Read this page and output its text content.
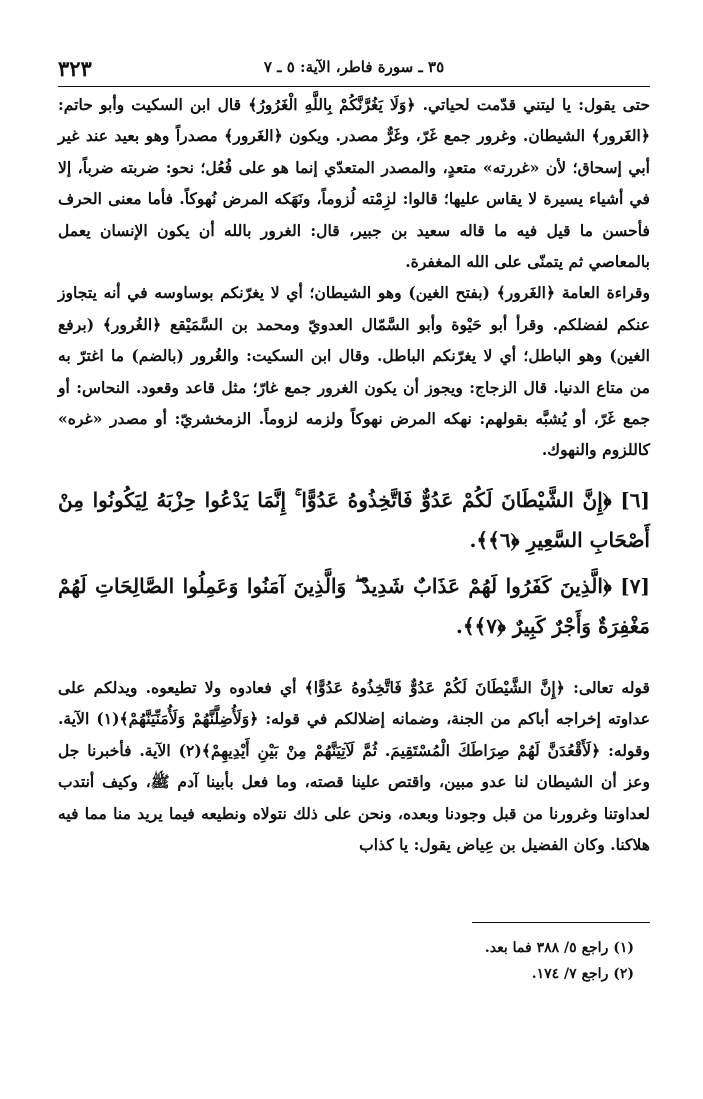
٣٥ ـ سورة فاطر، الآية: ٥ ـ ٧
٣٢٣

حتى يقول: يا ليتني قدّمت لحياتي. ﴿وَلَا يَغُرَّنَّكُمْ بِاللَّهِ الْغَرُورُ﴾ قال ابن السكيت وأبو حاتم: ﴿الغَرور﴾ الشيطان. وغرور جمع غَرّ، وغَرٌّ مصدر. ويكون ﴿الغَرور﴾ مصدراً وهو بعيد عند غير أبي إسحاق؛ لأن «غررته» متعدٍ، والمصدر المتعدّي إنما هو على فُعُل؛ نحو: ضربته ضرباً، إلا في أشياء يسيرة لا يقاس عليها؛ قالوا: لزِمْته لُزوماً، ونَهَكه المرض نُهوكاً. فأما معنى الحرف فأحسن ما قيل فيه ما قاله سعيد بن جبير، قال: الغرور بالله أن يكون الإنسان يعمل بالمعاصي ثم يتمنّى على الله المغفرة.

وقراءة العامة ﴿الغَرور﴾ (بفتح الغين) وهو الشيطان؛ أي لا يغرّنكم بوساوسه في أنه يتجاوز عنكم لفضلكم. وقرأ أبو حَيْوة وأبو السَّمّال العدويّ ومحمد بن السَّمَيْقع ﴿الغُرور﴾ (برفع الغين) وهو الباطل؛ أي لا يغرّنكم الباطل. وقال ابن السكيت: والغُرور (بالضم) ما اغترّ به من متاع الدنيا. قال الزجاج: ويجوز أن يكون الغرور جمع غارّ؛ مثل قاعد وقعود. النحاس: أو جمع غَرّ، أو يُشبَّه بقولهم: نهكه المرض نهوكاً ولزمه لزوماً. الزمخشريّ: أو مصدر «غره» كاللزوم والنهوك.

[٦] ﴿إِنَّ الشَّيْطَانَ لَكُمْ عَدُوٌّ فَاتَّخِذُوهُ عَدُوًّا ۚ إِنَّمَا يَدْعُوا حِزْبَهُ لِيَكُونُوا مِنْ أَصْحَابِ السَّعِيرِ ﴿٦﴾﴾.

[٧] ﴿الَّذِينَ كَفَرُوا لَهُمْ عَذَابٌ شَدِيدٌ ۖ وَالَّذِينَ آمَنُوا وَعَمِلُوا الصَّالِحَاتِ لَهُمْ مَغْفِرَةٌ وَأَجْرٌ كَبِيرٌ ﴿٧﴾﴾.

قوله تعالى: ﴿إِنَّ الشَّيْطَانَ لَكُمْ عَدُوٌّ فَاتَّخِذُوهُ عَدُوًّا﴾ أي فعادوه ولا تطيعوه. ويدلكم على عداوته إخراجه أباكم من الجنة، وضمانه إضلالكم في قوله: ﴿وَلَأُضِلَّنَّهُمْ وَلَأُمَنِّيَنَّهُمْ﴾(١) الآية. وقوله: ﴿لَأَقْعُدَنَّ لَهُمْ صِرَاطَكَ الْمُسْتَقِيمَ. ثُمَّ لَآتِيَنَّهُمْ مِنْ بَيْنِ أَيْدِيهِمْ﴾(٢) الآية. فأخبرنا جل وعز أن الشيطان لنا عدو مبين، واقتص علينا قصته، وما فعل بأبينا آدم ﷺ، وكيف أنتدب لعداوتنا وغرورنا من قبل وجودنا وبعده، ونحن على ذلك نتولاه ونطيعه فيما يريد منا مما فيه هلاكنا. وكان الفضيل بن عِياض يقول: يا كذاب

(١) راجع ٥/ ٣٨٨ فما بعد.

(٢) راجع ٧/ ١٧٤.
